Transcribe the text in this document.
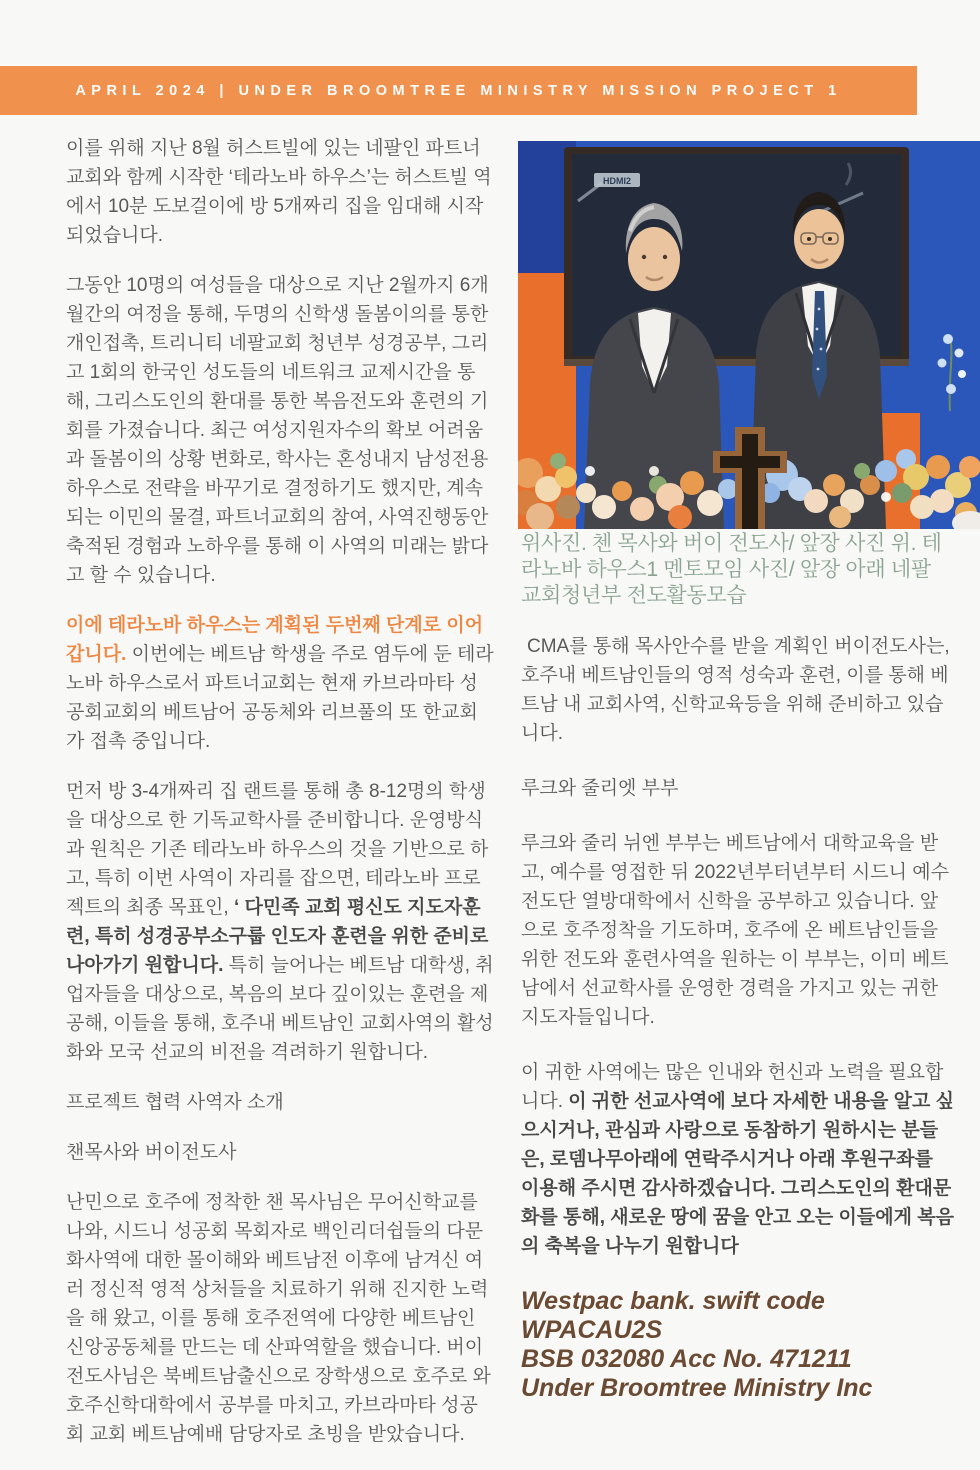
APRIL 2024 | UNDER BROOMTREE MINISTRY MISSION PROJECT 1

이를 위해 지난 8월 허스트빌에 있는 네팔인 파트너교회와 함께 시작한 ‘테라노바 하우스’는 허스트빌 역에서 10분 도보걸이에 방 5개짜리 집을 임대해 시작되었습니다.

그동안 10명의 여성들을 대상으로 지난 2월까지 6개월간의 여정을 통해, 두명의 신학생 돌봄이의를 통한 개인접촉, 트리니티 네팔교회 청년부 성경공부, 그리고 1회의 한국인 성도들의 네트워크 교제시간을 통해, 그리스도인의 환대를 통한 복음전도와 훈련의 기회를 가졌습니다. 최근 여성지원자수의 확보 어려움과 돌봄이의 상황 변화로, 학사는 혼성내지 남성전용 하우스로 전략을 바꾸기로 결정하기도 했지만, 계속되는 이민의 물결, 파트너교회의 참여, 사역진행동안 축적된 경험과 노하우를 통해 이 사역의 미래는 밝다고 할 수 있습니다.

이에 테라노바 하우스는 계획된 두번째 단계로 이어갑니다. 이번에는 베트남 학생을 주로 염두에 둔 테라노바 하우스로서 파트너교회는 현재 카브라마타 성공회교회의 베트남어 공동체와 리브풀의 또 한교회가 접촉 중입니다.

먼저 방 3-4개짜리 집 랜트를 통해 총 8-12명의 학생을 대상으로 한 기독교학사를 준비합니다. 운영방식과 원칙은 기존 테라노바 하우스의 것을 기반으로 하고, 특히 이번 사역이 자리를 잡으면, 테라노바 프로젝트의 최종 목표인, ‘ 다민족 교회 평신도 지도자훈련, 특히 성경공부소구룹 인도자 훈련을 위한 준비로 나아가기 원합니다. 특히 늘어나는 베트남 대학생, 취업자들을 대상으로, 복음의 보다 깊이있는 훈련을 제공해, 이들을 통해, 호주내 베트남인 교회사역의 활성화와 모국 선교의 비전을 격려하기 원합니다.

프로젝트 협력 사역자 소개

챈목사와 버이전도사

난민으로 호주에 정착한 챈 목사님은 무어신학교를 나와, 시드니 성공회 목회자로 백인리더쉽들의 다문화사역에 대한 몰이해와 베트남전 이후에 남겨신 여러 정신적 영적 상처들을 치료하기 위해 진지한 노력을 해 왔고, 이를 통해 호주전역에 다양한 베트남인 신앙공동체를 만드는 데 산파역할을 했습니다. 버이 전도사님은 북베트남출신으로 장학생으로 호주로 와 호주신학대학에서 공부를 마치고, 카브라마타 성공회 교회 베트남예배 담당자로 초빙을 받았습니다.

HDMI2

위사진. 첸 목사와 버이 전도사/ 앞장 사진 위. 테라노바 하우스1 멘토모임 사진/ 앞장 아래 네팔 교회청년부 전도활동모습

CMA를 통해 목사안수를 받을 계획인 버이전도사는, 호주내 베트남인들의 영적 성숙과 훈련, 이를 통해 베트남 내 교회사역, 신학교육등을 위해 준비하고 있습니다.

루크와 줄리엣 부부

루크와 줄리 뉘엔 부부는 베트남에서 대학교육을 받고, 예수를 영접한 뒤 2022년부터년부터 시드니 예수전도단 열방대학에서 신학을 공부하고 있습니다. 앞으로 호주정착을 기도하며, 호주에 온 베트남인들을 위한 전도와 훈련사역을 원하는 이 부부는, 이미 베트남에서 선교학사를 운영한 경력을 가지고 있는 귀한 지도자들입니다.

이 귀한 사역에는 많은 인내와 헌신과 노력을 필요합니다. 이 귀한 선교사역에 보다 자세한 내용을 알고 싶으시거나, 관심과 사랑으로 동참하기 원하시는 분들은, 로뎀나무아래에 연락주시거나 아래 후원구좌를 이용해 주시면 감사하겠습니다. 그리스도인의 환대문화를 통해, 새로운 땅에 꿈을 안고 오는 이들에게 복음의 축복을 나누기 원합니다

Westpac bank. swift code WPACAU2S
BSB 032080 Acc No. 471211
Under Broomtree Ministry Inc
